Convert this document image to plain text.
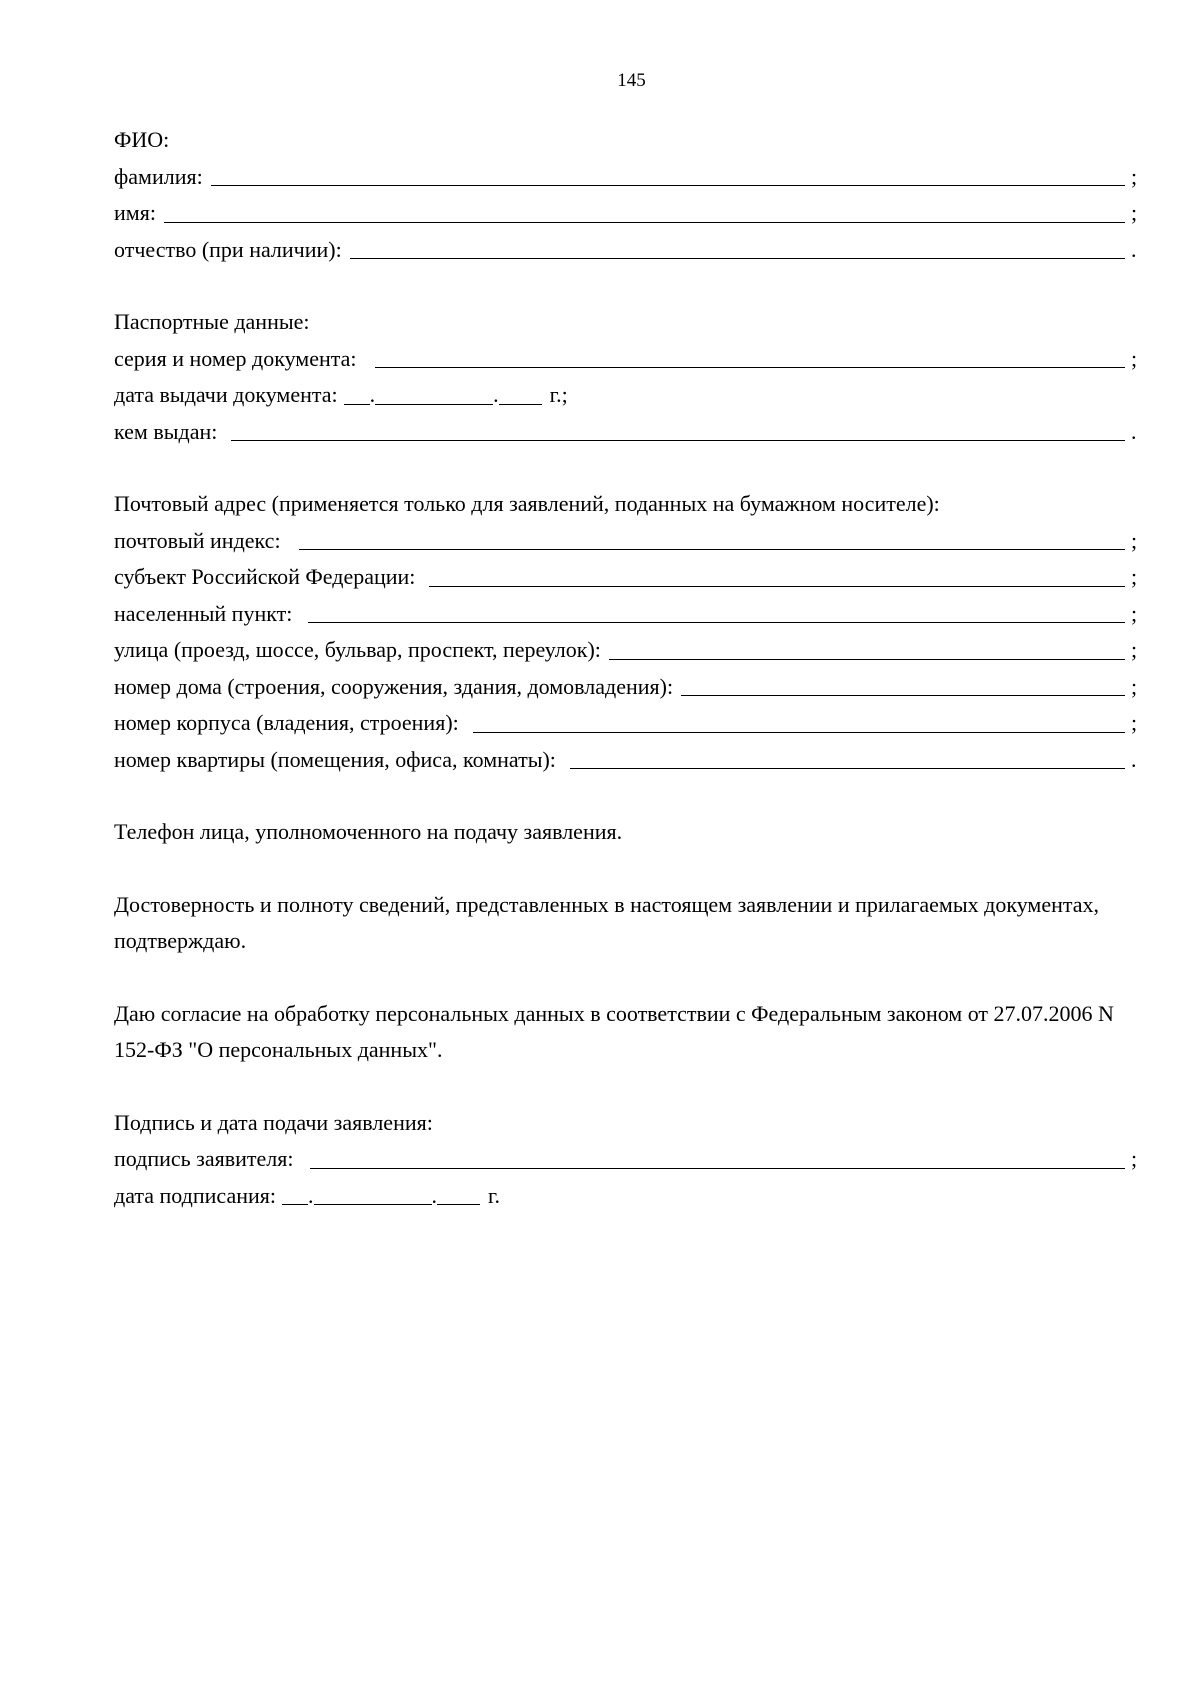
145
ФИО:
фамилия:	;
имя:	;
отчество (при наличии):	.
Паспортные данные:
серия и номер документа:	;
дата выдачи документа: .	. г.;
кем выдан:	.
Почтовый адрес (применяется только для заявлений, поданных на бумажном носителе):
почтовый индекс:	;
субъект Российской Федерации:	;
населенный пункт:	;
улица (проезд, шоссе, бульвар, проспект, переулок):	;
номер дома (строения, сооружения, здания, домовладения):	;
номер корпуса (владения, строения):	;
номер квартиры (помещения, офиса, комнаты):	.
Телефон лица, уполномоченного на подачу заявления.
Достоверность и полноту сведений, представленных в настоящем заявлении и прилагаемых документах, подтверждаю.
Даю согласие на обработку персональных данных в соответствии с Федеральным законом от 27.07.2006 N 152-ФЗ "О персональных данных".
Подпись и дата подачи заявления:
подпись заявителя:	;
дата подписания: .	. г.
